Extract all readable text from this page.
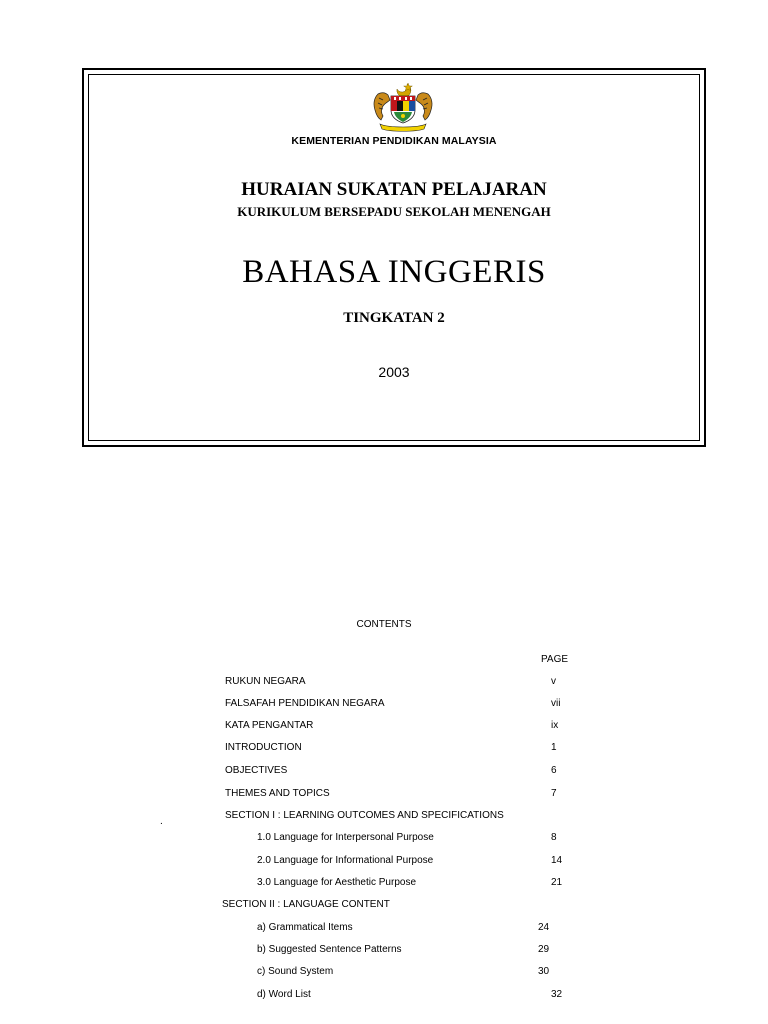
KEMENTERIAN PENDIDIKAN MALAYSIA
HURAIAN SUKATAN PELAJARAN
KURIKULUM BERSEPADU SEKOLAH MENENGAH
BAHASA INGGERIS
TINGKATAN 2
2003
CONTENTS
PAGE
.
RUKUN NEGARA	v
FALSAFAH PENDIDIKAN NEGARA	vii
KATA PENGANTAR	ix
INTRODUCTION	1
OBJECTIVES	6
THEMES AND TOPICS	7
SECTION I : LEARNING OUTCOMES AND SPECIFICATIONS
1.0 Language for Interpersonal Purpose	8
2.0 Language for Informational Purpose	14
3.0 Language for Aesthetic Purpose	21
SECTION II : LANGUAGE CONTENT
a) Grammatical Items	24
b) Suggested Sentence Patterns	29
c) Sound System	30
d) Word List	32
